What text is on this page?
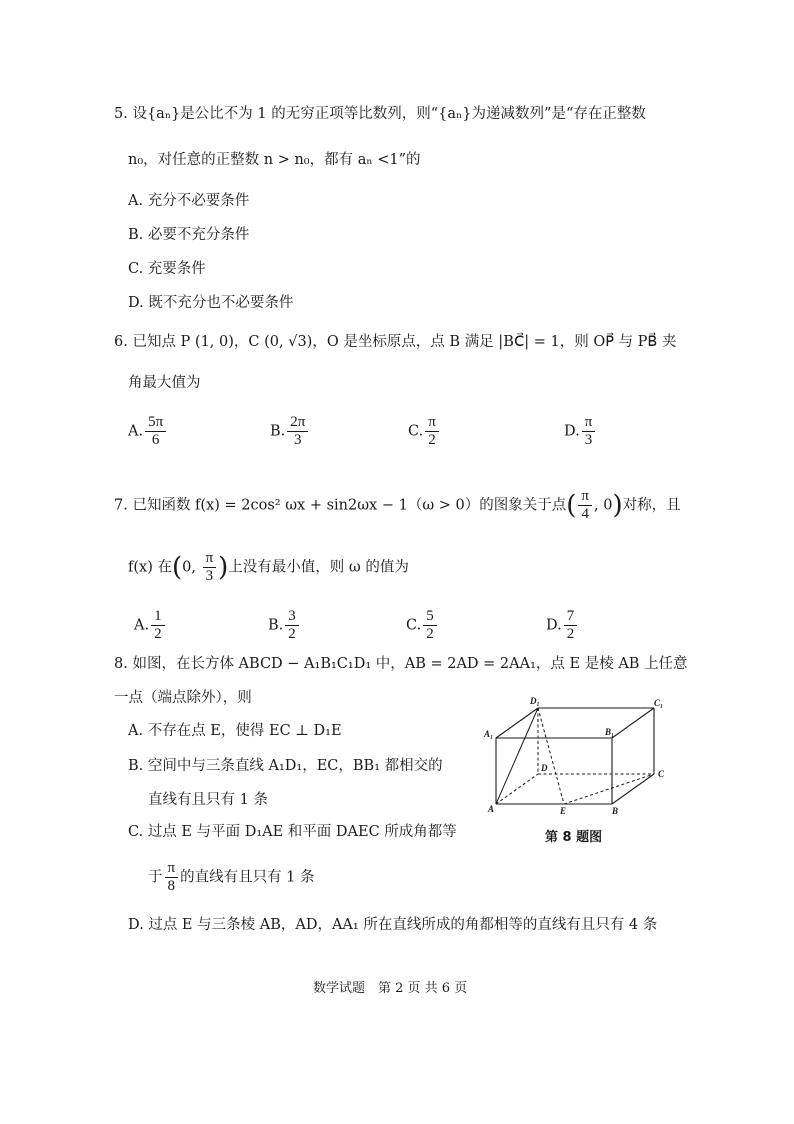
5. 设{aₙ}是公比不为 1 的无穷正项等比数列，则“{aₙ}为递减数列”是“存在正整数
n₀，对任意的正整数 n > n₀，都有 aₙ <1”的
A. 充分不必要条件
B. 必要不充分条件
C. 充要条件
D. 既不充分也不必要条件
6. 已知点 P (1, 0)，C (0, √3)，O 是坐标原点，点 B 满足 |BC⃗| = 1，则 OP⃗ 与 PB⃗ 夹
角最大值为
A. $\frac{5\pi}{6}$	B. $\frac{2\pi}{3}$	C. $\frac{\pi}{2}$	D. $\frac{\pi}{3}$
7. 已知函数 f(x) = 2cos² ωx + sin2ωx − 1（ω > 0）的图象关于点( $\frac{\pi}{4}$ , 0)对称，且
f(x) 在(0, $\frac{\pi}{3}$ )上没有最小值，则 ω 的值为
A. $\frac{1}{2}$	B. $\frac{3}{2}$	C. $\frac{5}{2}$	D. $\frac{7}{2}$
8. 如图，在长方体 ABCD − A₁B₁C₁D₁ 中，AB = 2AD = 2AA₁，点 E 是棱 AB 上任意
一点（端点除外），则
A. 不存在点 E，使得 EC ⊥ D₁E
B. 空间中与三条直线 A₁D₁，EC，BB₁ 都相交的
直线有且只有 1 条
C. 过点 E 与平面 D₁AE 和平面 DAEC 所成角都等
于 $\frac{\pi}{8}$ 的直线有且只有 1 条
D. 过点 E 与三条棱 AB，AD，AA₁ 所在直线所成的角都相等的直线有且只有 4 条
D₁	C₁
A₁	B₁
D
C
A	E	B
第 8 题图
数学试题　第 2 页 共 6 页
